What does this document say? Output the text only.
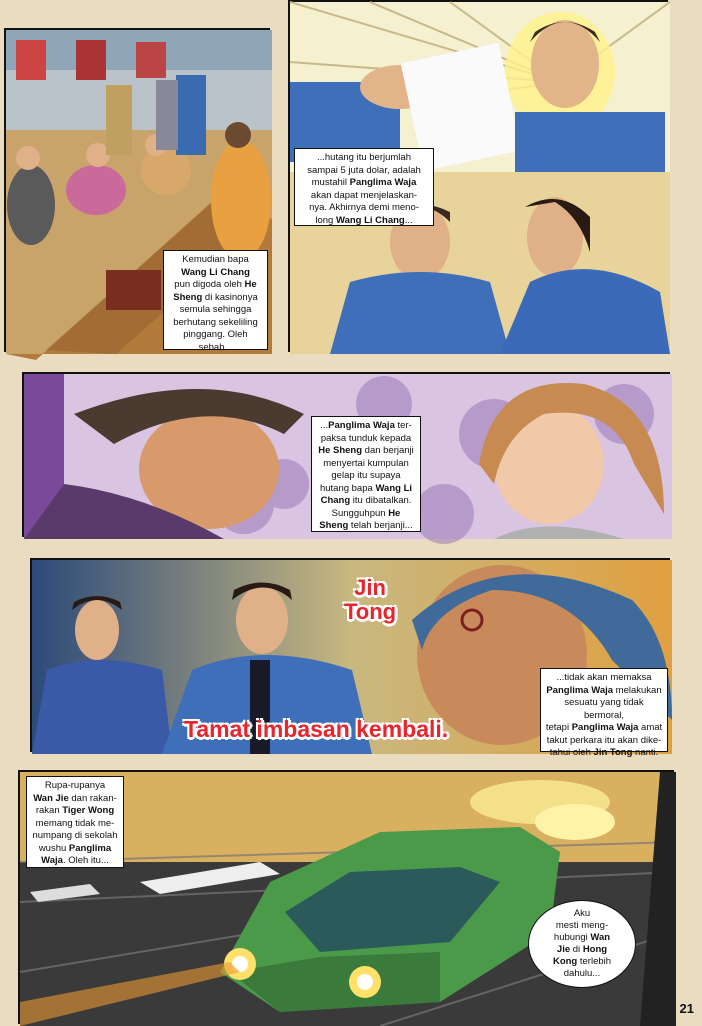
Kemudian bapa
Wang Li Chang
pun digoda oleh He
Sheng di kasinonya
semula sehingga
berhutang sekeliling
pinggang. Oleh sebab...
...hutang itu berjumlah
sampai 5 juta dolar, adalah
mustahil Panglima Waja
akan dapat menjelaskan-
nya. Akhirnya demi meno-
long Wang Li Chang...
...Panglima Waja ter-
paksa tunduk kepada
He Sheng dan berjanji
menyertai kumpulan
gelap itu supaya
hutang bapa Wang Li
Chang itu dibatalkan.
Sungguhpun He
Sheng telah berjanji...
Jin
Tong
Tamat imbasan kembali.
...tidak akan memaksa
Panglima Waja melakukan
sesuatu yang tidak bermoral,
tetapi Panglima Waja amat
takut perkara itu akan dike-
tahui oleh Jin Tong nanti.
Rupa-rupanya
Wan Jie dan rakan-
rakan Tiger Wong
memang tidak me-
numpang di sekolah
wushu Panglima
Waja. Oleh itu...
Aku
mesti meng-
hubungi Wan
Jie di Hong
Kong terlebih
dahulu...
21
